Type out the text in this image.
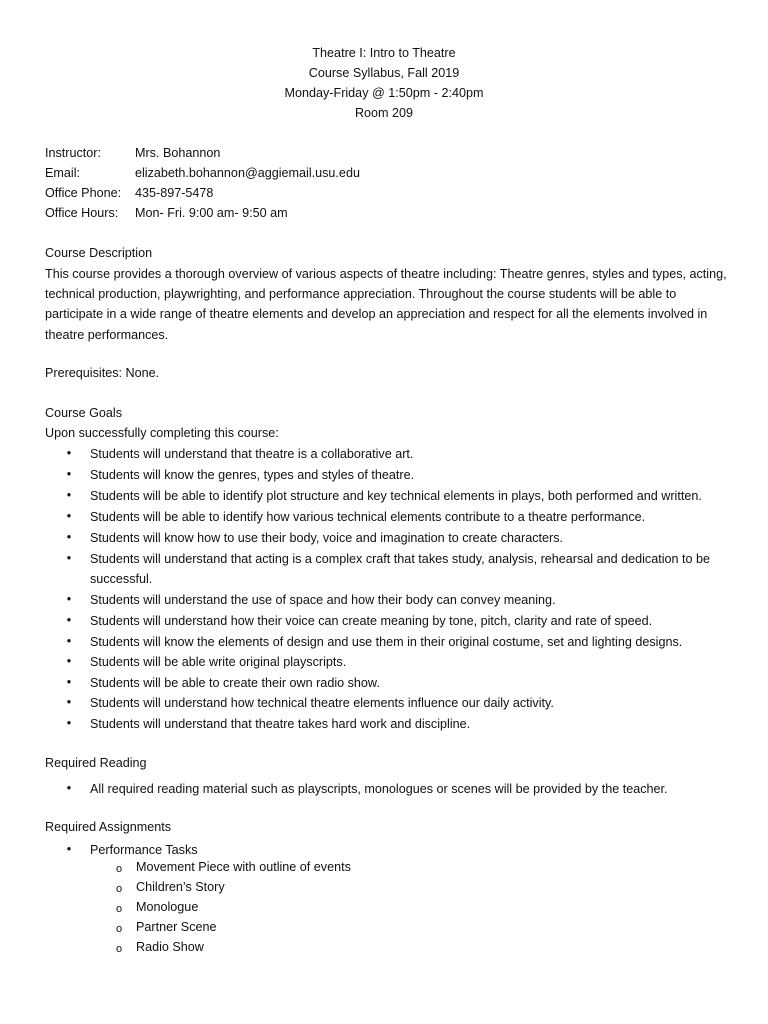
Theatre I: Intro to Theatre
Course Syllabus, Fall 2019
Monday-Friday @ 1:50pm - 2:40pm
Room 209
Instructor:	Mrs. Bohannon
Email:	elizabeth.bohannon@aggiemail.usu.edu
Office Phone: 435-897-5478
Office Hours: Mon- Fri. 9:00 am- 9:50 am
Course Description
This course provides a thorough overview of various aspects of theatre including: Theatre genres, styles and types, acting, technical production, playwrighting, and performance appreciation. Throughout the course students will be able to participate in a wide range of theatre elements and develop an appreciation and respect for all the elements involved in theatre performances.
Prerequisites: None.
Course Goals
Upon successfully completing this course:
• Students will understand that theatre is a collaborative art.
• Students will know the genres, types and styles of theatre.
• Students will be able to identify plot structure and key technical elements in plays, both performed and written.
• Students will be able to identify how various technical elements contribute to a theatre performance.
• Students will know how to use their body, voice and imagination to create characters.
• Students will understand that acting is a complex craft that takes study, analysis, rehearsal and dedication to be successful.
• Students will understand the use of space and how their body can convey meaning.
• Students will understand how their voice can create meaning by tone, pitch, clarity and rate of speed.
• Students will know the elements of design and use them in their original costume, set and lighting designs.
• Students will be able write original playscripts.
• Students will be able to create their own radio show.
• Students will understand how technical theatre elements influence our daily activity.
• Students will understand that theatre takes hard work and discipline.
Required Reading
• All required reading material such as playscripts, monologues or scenes will be provided by the teacher.
Required Assignments
• Performance Tasks
o Movement Piece with outline of events
o Children’s Story
o Monologue
o Partner Scene
o Radio Show
